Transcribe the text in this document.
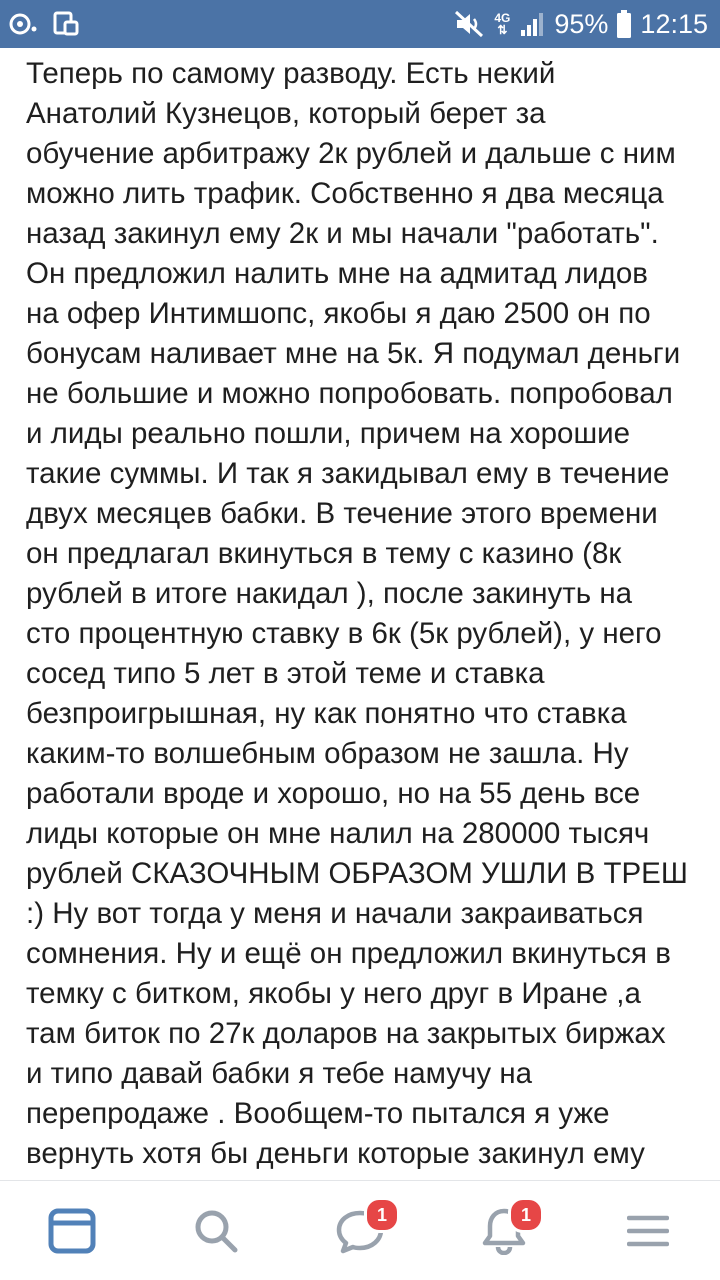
4G
⇅ 95% 12:15

Теперь по самому разводу. Есть некий
Анатолий Кузнецов, который берет за
обучение арбитражу 2к рублей и дальше с ним
можно лить трафик. Собственно я два месяца
назад закинул ему 2к и мы начали "работать".
Он предложил налить мне на адмитад лидов
на офер Интимшопс, якобы я даю 2500 он по
бонусам наливает мне на 5к. Я подумал деньги
не большие и можно попробовать. попробовал
и лиды реально пошли, причем на хорошие
такие суммы. И так я закидывал ему в течение
двух месяцев бабки. В течение этого времени
он предлагал вкинуться в тему с казино (8к
рублей в итоге накидал ), после закинуть на
сто процентную ставку в 6к (5к рублей), у него
сосед типо 5 лет в этой теме и ставка
безпроигрышная, ну как понятно что ставка
каким-то волшебным образом не зашла. Ну
работали вроде и хорошо, но на 55 день все
лиды которые он мне налил на 280000 тысяч
рублей СКАЗОЧНЫМ ОБРАЗОМ УШЛИ В ТРЕШ
:) Ну вот тогда у меня и начали закраиваться
сомнения. Ну и ещё он предложил вкинуться в
темку с битком, якобы у него друг в Иране ,а
там биток по 27к доларов на закрытых биржах
и типо давай бабки я тебе намучу на
перепродаже . Вообщем-то пытался я уже
вернуть хотя бы деньги которые закинул ему

1	1
